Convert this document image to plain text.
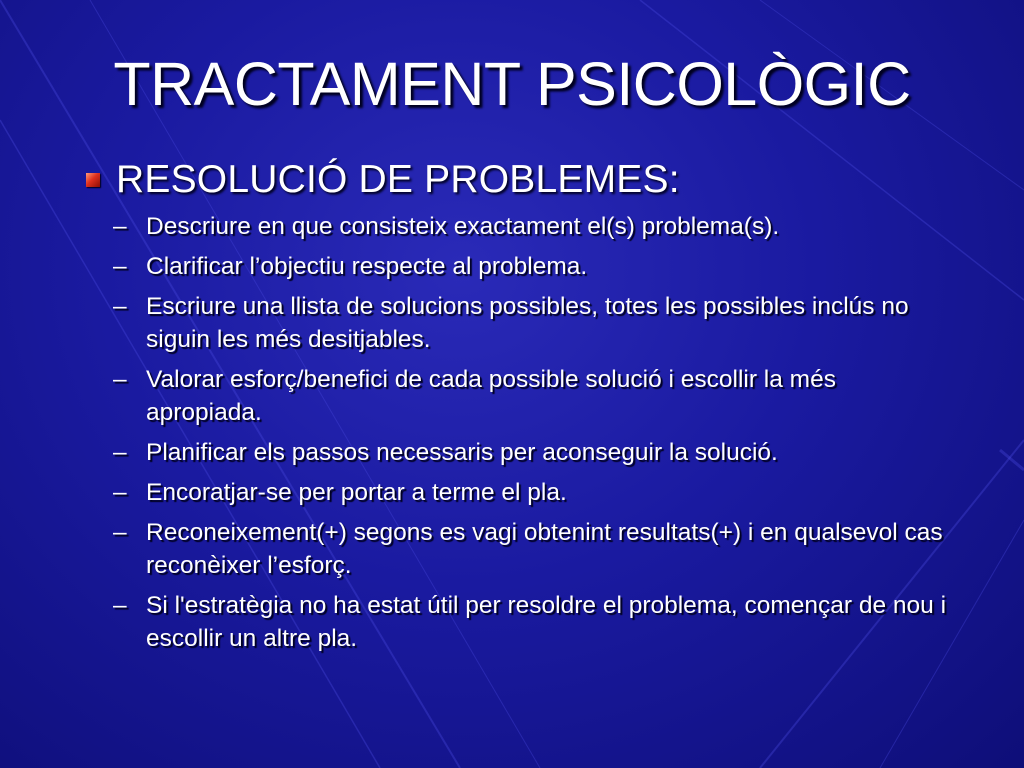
TRACTAMENT PSICOLÒGIC
RESOLUCIÓ DE PROBLEMES:
– Descriure en que consisteix exactament el(s) problema(s).
– Clarificar l’objectiu respecte al problema.
– Escriure una llista de solucions possibles, totes les possibles inclús no siguin les més desitjables.
– Valorar esforç/benefici de cada possible solució i escollir la més apropiada.
– Planificar els passos necessaris per aconseguir la solució.
– Encoratjar-se per portar a terme el pla.
– Reconeixement(+) segons es vagi obtenint resultats(+) i en qualsevol cas reconèixer l’esforç.
– Si l'estratègia no ha estat útil per resoldre el problema, començar de nou i escollir un altre pla.
